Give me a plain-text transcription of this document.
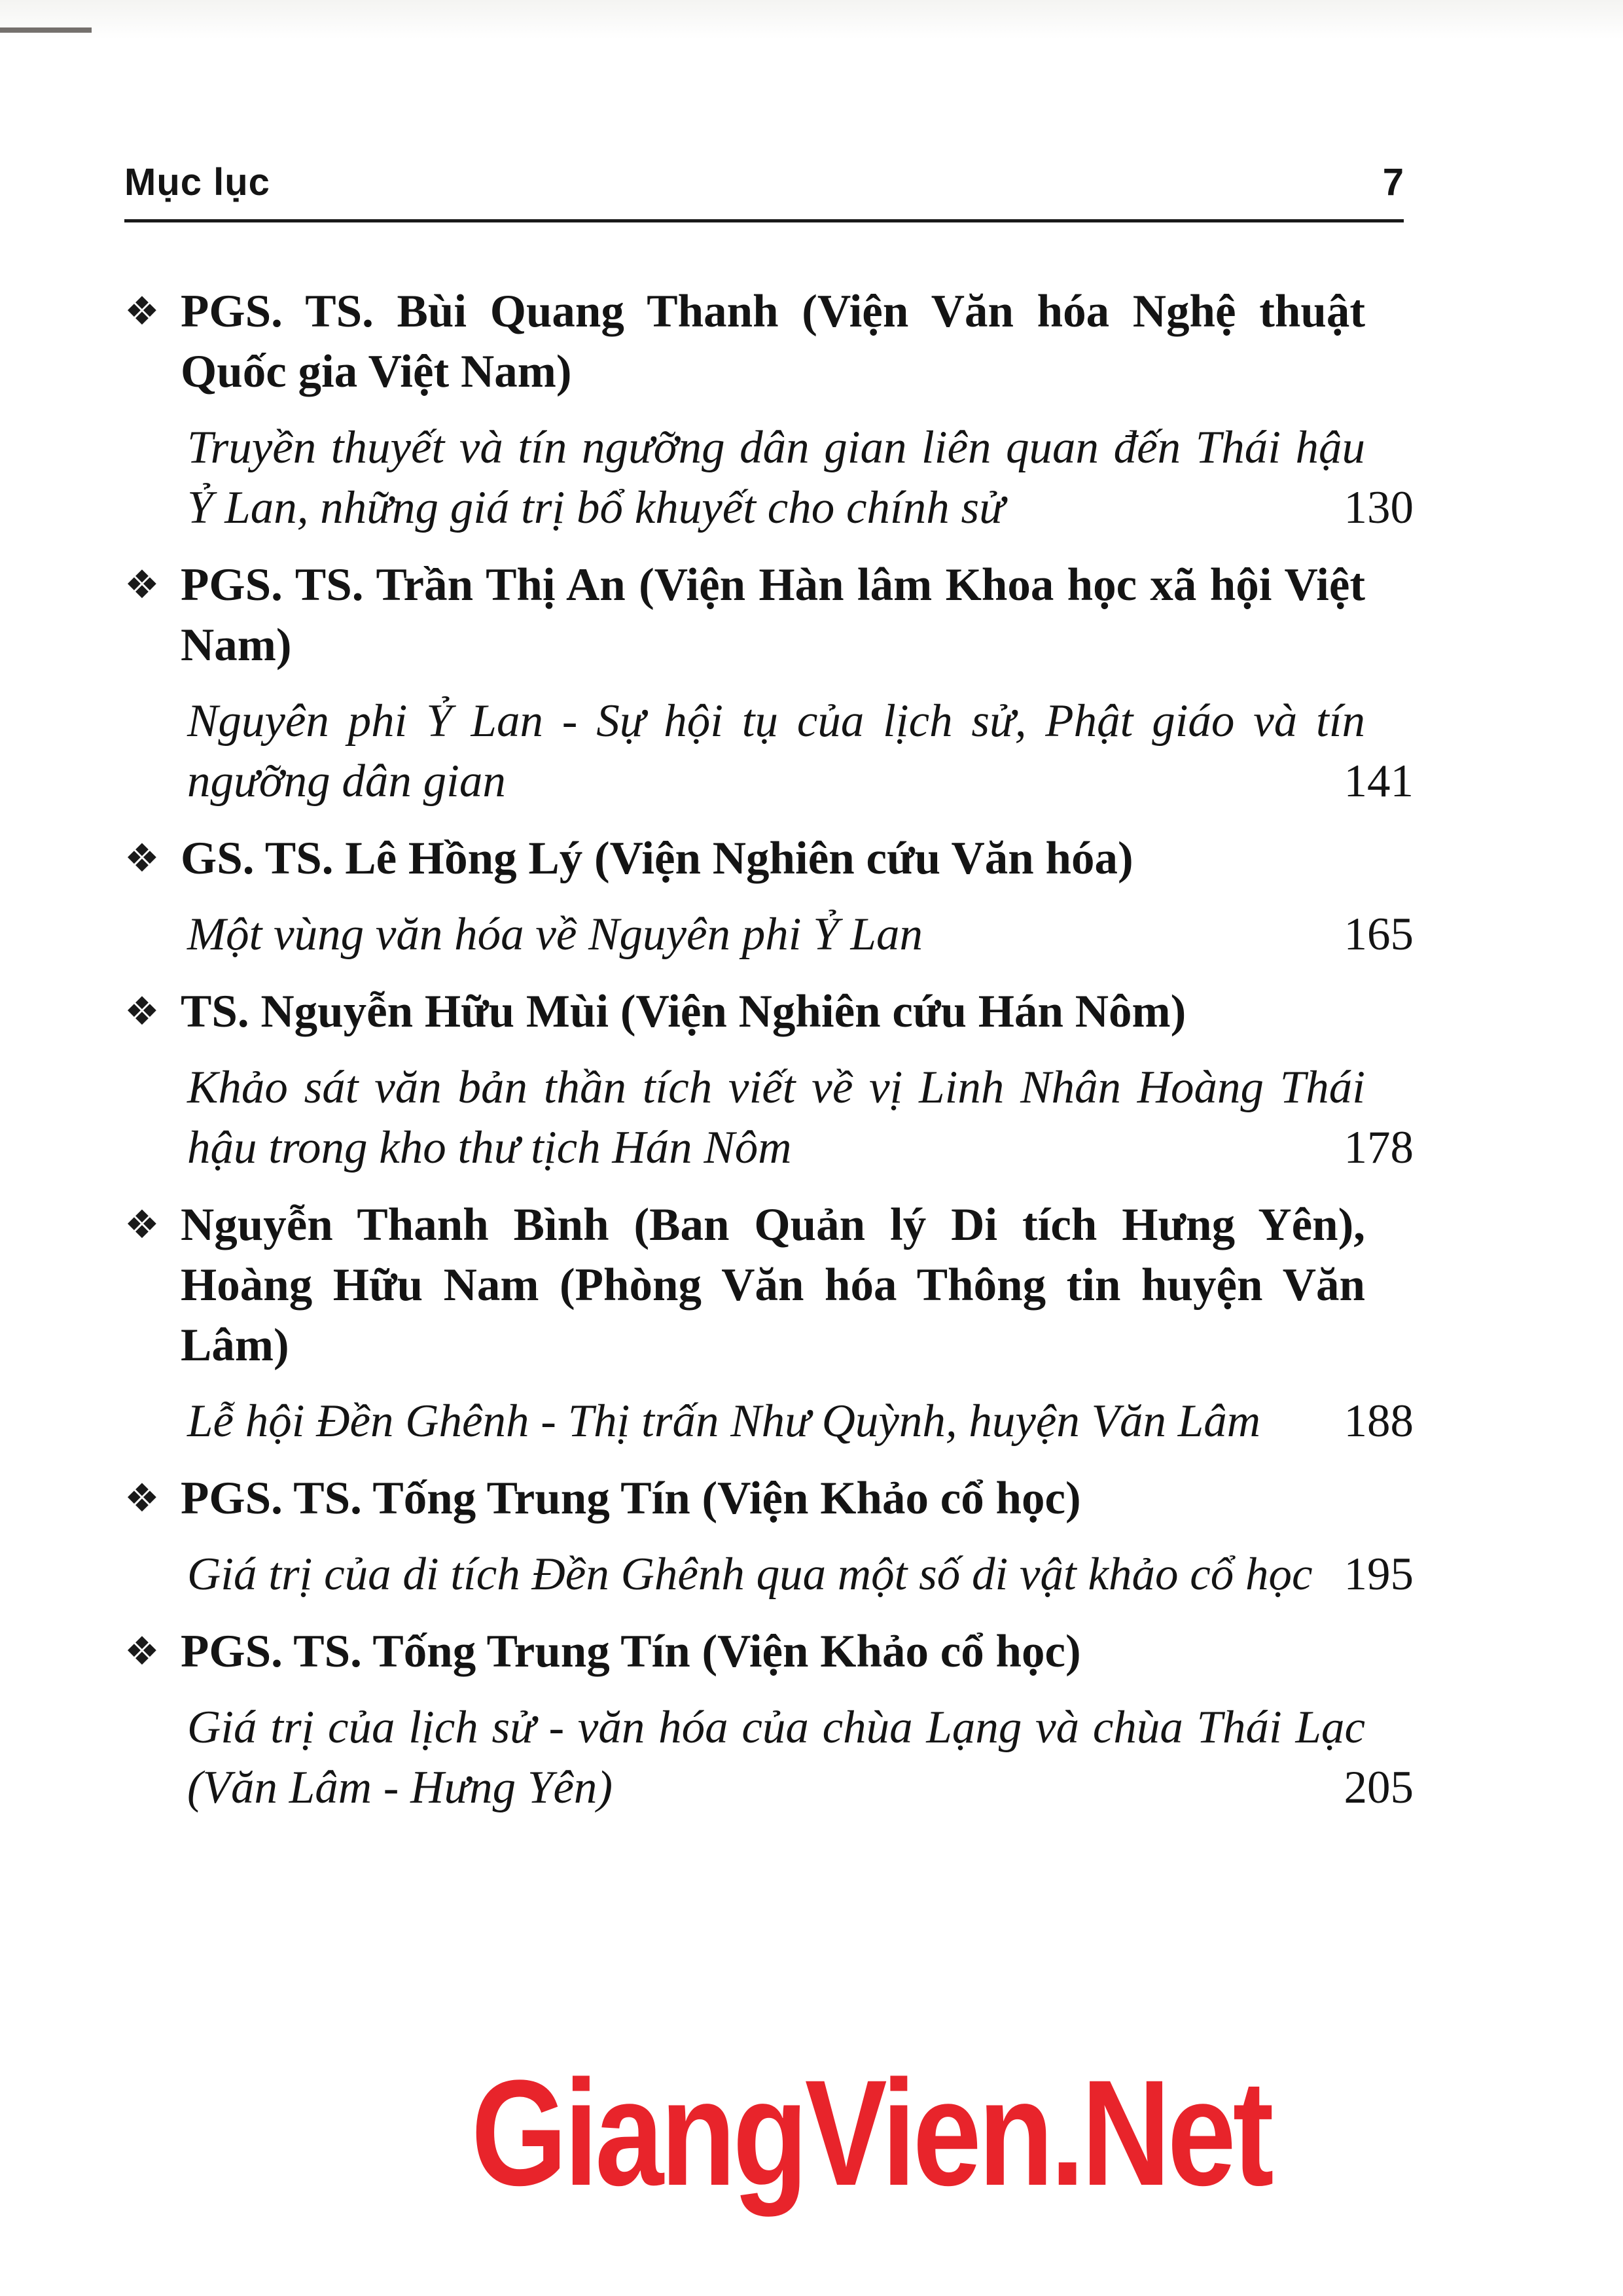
Mục lục	7
❖ PGS. TS. Bùi Quang Thanh (Viện Văn hóa Nghệ thuật Quốc gia Việt Nam)
Truyền thuyết và tín ngưỡng dân gian liên quan đến Thái hậu Ỷ Lan, những giá trị bổ khuyết cho chính sử	130
❖ PGS. TS. Trần Thị An (Viện Hàn lâm Khoa học xã hội Việt Nam)
Nguyên phi Ỷ Lan - Sự hội tụ của lịch sử, Phật giáo và tín ngưỡng dân gian	141
❖ GS. TS. Lê Hồng Lý (Viện Nghiên cứu Văn hóa)
Một vùng văn hóa về Nguyên phi Ỷ Lan	165
❖ TS. Nguyễn Hữu Mùi (Viện Nghiên cứu Hán Nôm)
Khảo sát văn bản thần tích viết về vị Linh Nhân Hoàng Thái hậu trong kho thư tịch Hán Nôm	178
❖ Nguyễn Thanh Bình (Ban Quản lý Di tích Hưng Yên), Hoàng Hữu Nam (Phòng Văn hóa Thông tin huyện Văn Lâm)
Lễ hội Đền Ghênh - Thị trấn Như Quỳnh, huyện Văn Lâm	188
❖ PGS. TS. Tống Trung Tín (Viện Khảo cổ học)
Giá trị của di tích Đền Ghênh qua một số di vật khảo cổ học 195
❖ PGS. TS. Tống Trung Tín (Viện Khảo cổ học)
Giá trị của lịch sử - văn hóa của chùa Lạng và chùa Thái Lạc (Văn Lâm - Hưng Yên)	205
GiangVien.Net
